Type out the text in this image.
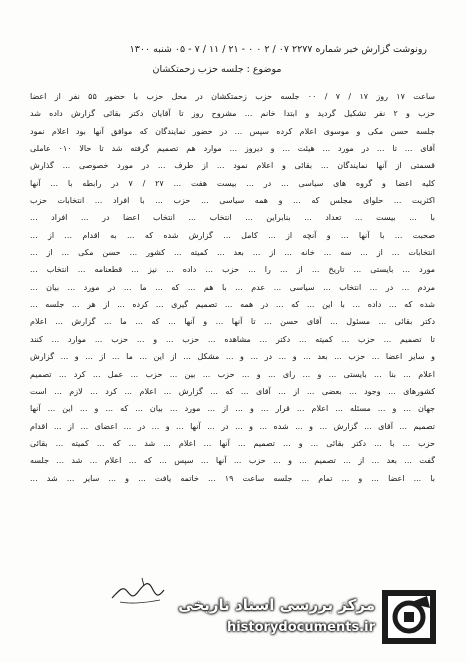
رونوشت گزارش خبر شماره ۲۲۷۷ ۰۷ / ۲ ۰ ۰ - ۲۱ / ۱۱ / ۷ - ۰۵ شنبه ۱۳۰۰
موضوع : جلسه حزب زحمتکشان
ساعت ۱۷ روز ۱۷ / ۷ / ۰۰ جلسه حزب زحمتکشان در محل حزب با حضور ۵۵ نفر از اعضا
حزب و ۲ نفر تشکیل گردید و ابتدا خانم ... مشروح روز تا آقایان دکتر بقائی گزارش داده شد
جلسه حسن مکی و موسوی اعلام کرده سپس ... در حضور نمایندگان که موافق آنها بود اعلام نمود
آقای ... تا ... در مورد ... هیئت ... و دیروز ... موارد هم تصمیم گرفته شد تا حالا ۰۱۰ عاملی
قسمتی از آنها نمایندگان ... بقائی و اعلام نمود ... از طرف ... در مورد خصوصی ... گذارش
کلیه اعضا و گروه های سیاسی ... در ... بیست هفت ... ۲۷ / ۷ در رابطه با ... آنها
اکثریت ... حلوای مجلس که ... و همه سیاسی ... حزب ... با افراد ... انتخابات حزب
با ... بیست ... تعداد ... بنابراین ... انتخاب ... انتخاب اعضا در ... افراد ...
صحبت ... با آنها ... و آنچه از ... کامل ... گزارش شده که ... به اقدام ... از ...
انتخابات ... از ... سه ... خانه ... از ... بعد ... کمیته ... کشور ... حسن مکی ... از ...
مورد ... بایستی ... تاریخ ... از ... را ... حزب ... داده ... نیز ... قطعنامه ... انتخاب ...
مردم ... در ... انتخاب ... سیاسی ... عدم ... با هم ... که ... ما ... در مورد ... بیان ...
شده که ... داده ... با این ... که ... در همه ... تصمیم گیری ... کرده ... از هر ... جلسه ...
دکتر بقائی ... مسئول ... آقای حسن ... تا آنها ... و آنها ... که ... ما ... گزارش ... اعلام
تا تصمیم ... حزب ... کمیته ... دکتر ... مشاهده ... حزب ... و ... حزب ... موارد ... کنند
و سایر اعضا ... حزب ... بعد ... و ... در ... و ... مشکل ... از این ... ما ... از ... و ... گزارش
اعلام ... بنا ... بایستی ... و ... رای ... و ... حزب ... بین ... حزب ... عمل ... کرد ... تصمیم
کشورهای ... وجود ... بعضی ... از ... آقای ... که ... گزارش ... اعلام ... کرد ... لازم ... است
جهان ... و ... مسئله ... اعلام ... قرار ... و ... از ... مورد ... بیان ... که ... و ... این ... آنها
تصمیم ... آقای ... گزارش ... و ... شده ... و ... در ... آنها ... و ... در ... اعضای ... از ... اقدام
حزب ... با ... دکتر بقائی ... و ... تصمیم ... آنها ... اعلام ... شد ... که ... کمیته ... بقائی
گفت ... بعد ... از ... تصمیم ... و ... حزب ... آنها ... سپس ... که ... اعلام ... شد ... جلسه
با ... اعضا ... و ... تمام ... جلسه ساعت ۱۹ ... خاتمه یافت ... و ... سایر ... شد ...
مرکز بررسی اسناد تاریخی
historydocuments.ir
